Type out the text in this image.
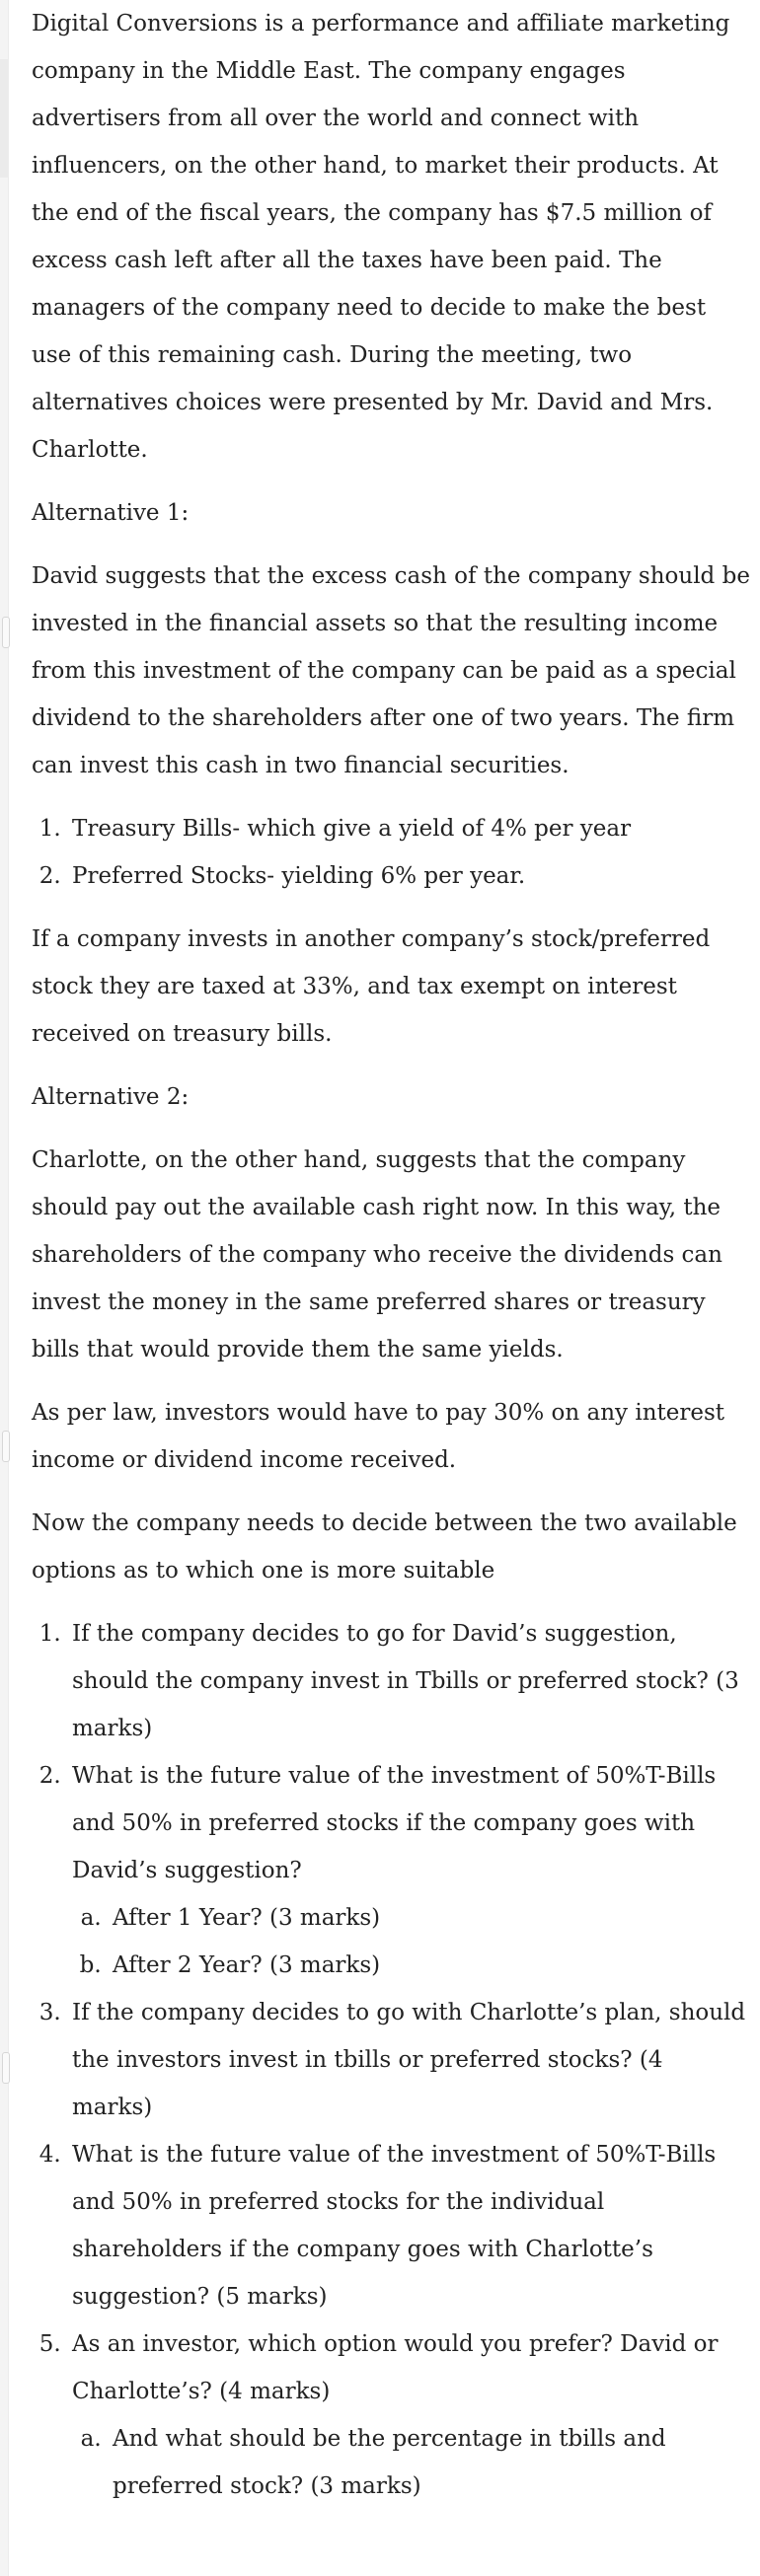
Digital Conversions is a performance and affiliate marketing company in the Middle East. The company engages advertisers from all over the world and connect with influencers, on the other hand, to market their products. At the end of the fiscal years, the company has $7.5 million of excess cash left after all the taxes have been paid. The managers of the company need to decide to make the best use of this remaining cash. During the meeting, two alternatives choices were presented by Mr. David and Mrs. Charlotte.

Alternative 1:

David suggests that the excess cash of the company should be invested in the financial assets so that the resulting income from this investment of the company can be paid as a special dividend to the shareholders after one of two years. The firm can invest this cash in two financial securities.

1. Treasury Bills- which give a yield of 4% per year
2. Preferred Stocks- yielding 6% per year.

If a company invests in another company’s stock/preferred stock they are taxed at 33%, and tax exempt on interest received on treasury bills.

Alternative 2:

Charlotte, on the other hand, suggests that the company should pay out the available cash right now. In this way, the shareholders of the company who receive the dividends can invest the money in the same preferred shares or treasury bills that would provide them the same yields.

As per law, investors would have to pay 30% on any interest income or dividend income received.

Now the company needs to decide between the two available options as to which one is more suitable

1. If the company decides to go for David’s suggestion, should the company invest in Tbills or preferred stock? (3 marks)
2. What is the future value of the investment of 50%T-Bills and 50% in preferred stocks if the company goes with David’s suggestion?
a. After 1 Year? (3 marks)
b. After 2 Year? (3 marks)
3. If the company decides to go with Charlotte’s plan, should the investors invest in tbills or preferred stocks? (4 marks)
4. What is the future value of the investment of 50%T-Bills and 50% in preferred stocks for the individual shareholders if the company goes with Charlotte’s suggestion? (5 marks)
5. As an investor, which option would you prefer? David or Charlotte’s? (4 marks)
a. And what should be the percentage in tbills and preferred stock? (3 marks)
